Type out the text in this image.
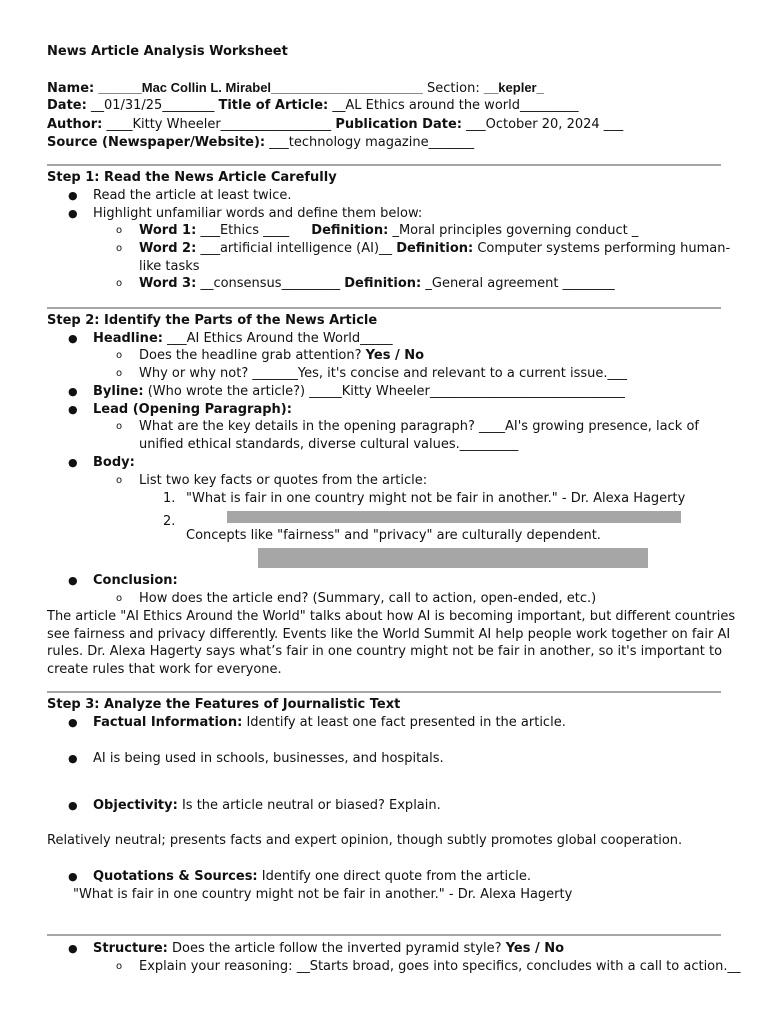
News Article Analysis Worksheet
Name: ______Mac Collin L. Mirabel_____________________ Section: __kepler_
Date: __01/31/25________ Title of Article: __AL Ethics around the world_________
Author: ____Kitty Wheeler_________________ Publication Date: ___October 20, 2024 ___
Source (Newspaper/Website): ___technology magazine_______
Step 1: Read the News Article Carefully
● Read the article at least twice.
● Highlight unfamiliar words and define them below:
o Word 1: ___Ethics ____ Definition: _Moral principles governing conduct _
o Word 2: ___artificial intelligence (AI)__ Definition: Computer systems performing human-
like tasks
o Word 3: __consensus_________ Definition: _General agreement ________
Step 2: Identify the Parts of the News Article
● Headline: ___AI Ethics Around the World_____
o Does the headline grab attention? Yes / No
o Why or why not? _______Yes, it's concise and relevant to a current issue.___
● Byline: (Who wrote the article?) _____Kitty Wheeler______________________________
● Lead (Opening Paragraph):
o What are the key details in the opening paragraph? ____AI's growing presence, lack of
unified ethical standards, diverse cultural values._________
● Body:
o List two key facts or quotes from the article:
1. "What is fair in one country might not be fair in another." - Dr. Alexa Hagerty
2.
Concepts like "fairness" and "privacy" are culturally dependent.
● Conclusion:
o How does the article end? (Summary, call to action, open-ended, etc.)
The article "AI Ethics Around the World" talks about how AI is becoming important, but different countries
see fairness and privacy differently. Events like the World Summit AI help people work together on fair AI
rules. Dr. Alexa Hagerty says what’s fair in one country might not be fair in another, so it's important to
create rules that work for everyone.
Step 3: Analyze the Features of Journalistic Text
● Factual Information: Identify at least one fact presented in the article.
● AI is being used in schools, businesses, and hospitals.
● Objectivity: Is the article neutral or biased? Explain.
Relatively neutral; presents facts and expert opinion, though subtly promotes global cooperation.
● Quotations & Sources: Identify one direct quote from the article.
"What is fair in one country might not be fair in another." - Dr. Alexa Hagerty
● Structure: Does the article follow the inverted pyramid style? Yes / No
o Explain your reasoning: __Starts broad, goes into specifics, concludes with a call to action.__
